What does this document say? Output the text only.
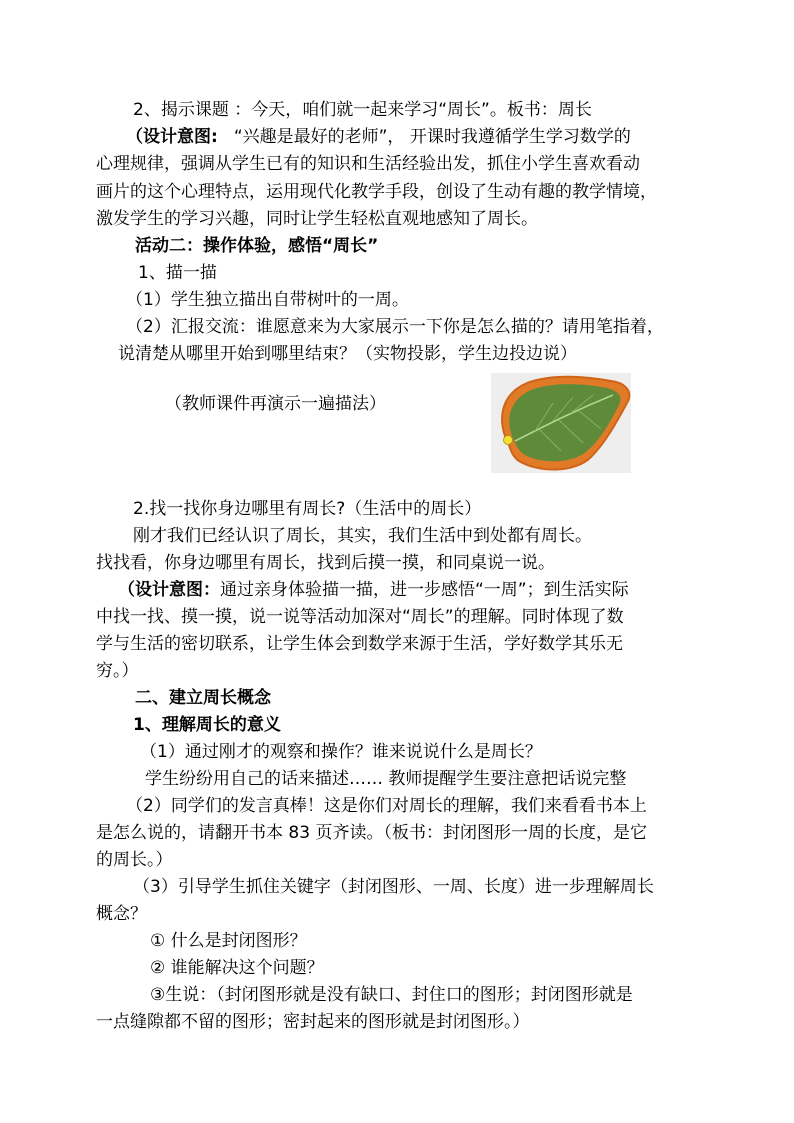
2、揭示课题 ：今天，咱们就一起来学习“周长”。板书：周长
（设计意图: “兴趣是最好的老师”， 开课时我遵循学生学习数学的
心理规律，强调从学生已有的知识和生活经验出发，抓住小学生喜欢看动
画片的这个心理特点，运用现代化教学手段，创设了生动有趣的教学情境，
激发学生的学习兴趣，同时让学生轻松直观地感知了周长。
活动二：操作体验，感悟“周长”
1、描一描
（1）学生独立描出自带树叶的一周。
（2）汇报交流：谁愿意来为大家展示一下你是怎么描的？请用笔指着，
说清楚从哪里开始到哪里结束？（实物投影，学生边投边说）
（教师课件再演示一遍描法）
2.找一找你身边哪里有周长?（生活中的周长）
刚才我们已经认识了周长，其实，我们生活中到处都有周长。
找找看，你身边哪里有周长，找到后摸一摸，和同桌说一说。
（设计意图：通过亲身体验描一描，进一步感悟“一周”；到生活实际
中找一找、摸一摸，说一说等活动加深对“周长”的理解。同时体现了数
学与生活的密切联系，让学生体会到数学来源于生活，学好数学其乐无
穷。）
二、建立周长概念
1、理解周长的意义
（1）通过刚才的观察和操作？谁来说说什么是周长？
学生纷纷用自己的话来描述…… 教师提醒学生要注意把话说完整
（2）同学们的发言真棒！这是你们对周长的理解，我们来看看书本上
是怎么说的，请翻开书本 83 页齐读。（板书：封闭图形一周的长度，是它
的周长。）
（3）引导学生抓住关键字（封闭图形、一周、长度）进一步理解周长
概念？
① 什么是封闭图形？
② 谁能解决这个问题？
③生说：（封闭图形就是没有缺口、封住口的图形；封闭图形就是
一点缝隙都不留的图形；密封起来的图形就是封闭图形。）
